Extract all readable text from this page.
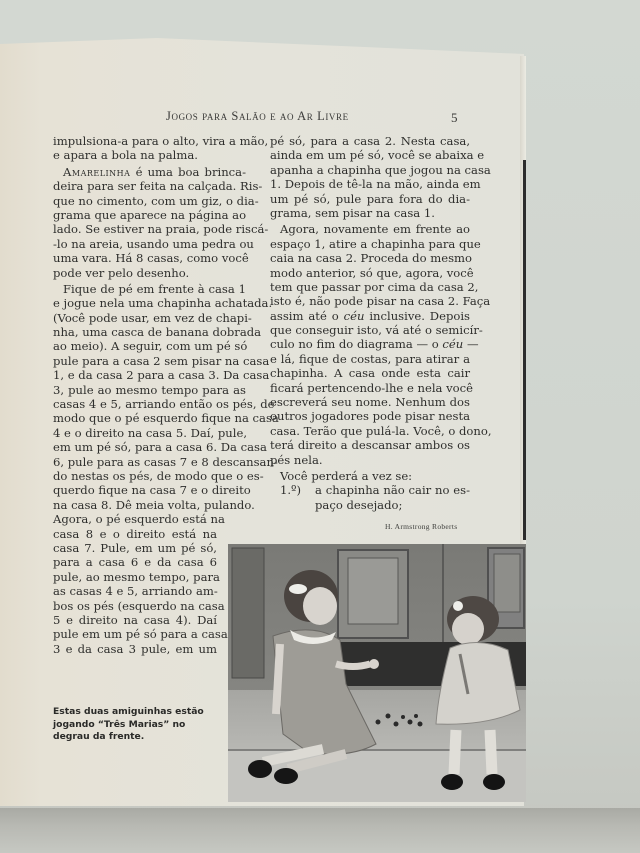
Jogos para Salão e ao Ar Livre	5
impulsiona-a para o alto, vira a mão,
e apara a bola na palma.
Amarelinha é uma boa brinca-
deira para ser feita na calçada. Ris-
que no cimento, com um giz, o dia-
grama que aparece na página ao
lado. Se estiver na praia, pode riscá-
-lo na areia, usando uma pedra ou
uma vara. Há 8 casas, como você
pode ver pelo desenho.
Fique de pé em frente à casa 1
e jogue nela uma chapinha achatada.
(Você pode usar, em vez de chapi-
nha, uma casca de banana dobrada
ao meio). A seguir, com um pé só
pule para a casa 2 sem pisar na casa
1, e da casa 2 para a casa 3. Da casa
3, pule ao mesmo tempo para as
casas 4 e 5, arriando então os pés, de
modo que o pé esquerdo fique na casa
4 e o direito na casa 5. Daí, pule,
em um pé só, para a casa 6. Da casa
6, pule para as casas 7 e 8 descansan-
do nestas os pés, de modo que o es-
querdo fique na casa 7 e o direito
na casa 8. Dê meia volta, pulando.
Agora, o pé esquerdo está na
casa 8 e o direito está na
casa 7. Pule, em um pé só,
para a casa 6 e da casa 6
pule, ao mesmo tempo, para
as casas 4 e 5, arriando am-
bos os pés (esquerdo na casa
5 e direito na casa 4). Daí
pule em um pé só para a casa
3 e da casa 3 pule, em um
pé só, para a casa 2. Nesta casa,
ainda em um pé só, você se abaixa e
apanha a chapinha que jogou na casa
1. Depois de tê-la na mão, ainda em
um pé só, pule para fora do dia-
grama, sem pisar na casa 1.
Agora, novamente em frente ao
espaço 1, atire a chapinha para que
caia na casa 2. Proceda do mesmo
modo anterior, só que, agora, você
tem que passar por cima da casa 2,
isto é, não pode pisar na casa 2. Faça
assim até o céu inclusive. Depois
que conseguir isto, vá até o semicír-
culo no fim do diagrama — o céu —
e lá, fique de costas, para atirar a
chapinha. A casa onde esta cair
ficará pertencendo-lhe e nela você
escreverá seu nome. Nenhum dos
outros jogadores pode pisar nesta
casa. Terão que pulá-la. Você, o dono,
terá direito a descansar ambos os
pés nela.
Você perderá a vez se:
1.º)	a chapinha não cair no es-
paço desejado;
H. Armstrong Roberts
Estas duas amiguinhas estão jogando “Três Marias” no degrau da frente.
